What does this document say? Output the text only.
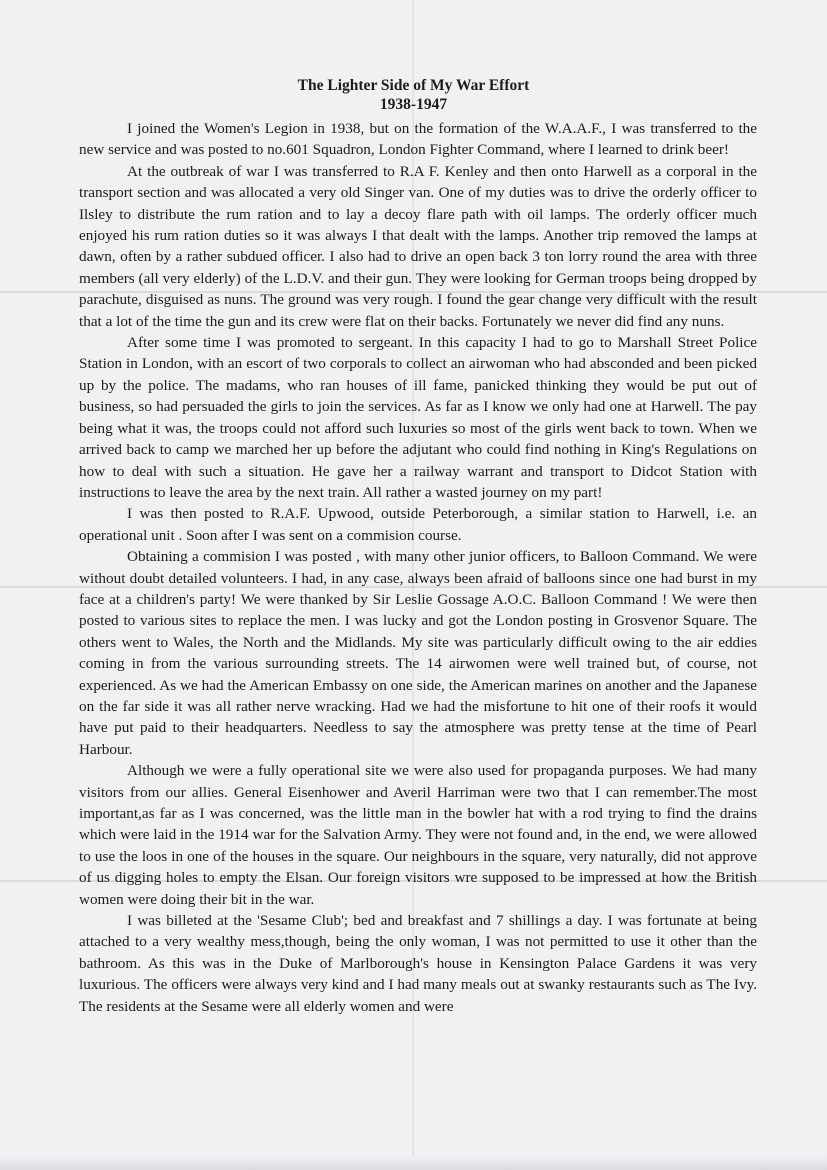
The Lighter Side of My War Effort

1938-1947

I joined the Women's Legion in 1938, but on the formation of the W.A.A.F., I was transferred to the new service and was posted to no.601 Squadron, London Fighter Command, where I learned to drink beer!

At the outbreak of war I was transferred to R.A F. Kenley and then onto Harwell as a corporal in the transport section and was allocated a very old Singer van. One of my duties was to drive the orderly officer to Ilsley to distribute the rum ration and to lay a decoy flare path with oil lamps. The orderly officer much enjoyed his rum ration duties so it was always I that dealt with the lamps. Another trip removed the lamps at dawn, often by a rather subdued officer. I also had to drive an open back 3 ton lorry round the area with three members (all very elderly) of the L.D.V. and their gun. They were looking for German troops being dropped by parachute, disguised as nuns. The ground was very rough. I found the gear change very difficult with the result that a lot of the time the gun and its crew were flat on their backs. Fortunately we never did find any nuns.

After some time I was promoted to sergeant. In this capacity I had to go to Marshall Street Police Station in London, with an escort of two corporals to collect an airwoman who had absconded and been picked up by the police. The madams, who ran houses of ill fame, panicked thinking they would be put out of business, so had persuaded the girls to join the services. As far as I know we only had one at Harwell. The pay being what it was, the troops could not afford such luxuries so most of the girls went back to town. When we arrived back to camp we marched her up before the adjutant who could find nothing in King's Regulations on how to deal with such a situation. He gave her a railway warrant and transport to Didcot Station with instructions to leave the area by the next train. All rather a wasted journey on my part!

I was then posted to R.A.F. Upwood, outside Peterborough, a similar station to Harwell, i.e. an operational unit . Soon after I was sent on a commision course.

Obtaining a commision I was posted , with many other junior officers, to Balloon Command. We were without doubt detailed volunteers. I had, in any case, always been afraid of balloons since one had burst in my face at a children's party! We were thanked by Sir Leslie Gossage A.O.C. Balloon Command ! We were then posted to various sites to replace the men. I was lucky and got the London posting in Grosvenor Square. The others went to Wales, the North and the Midlands. My site was particularly difficult owing to the air eddies coming in from the various surrounding streets. The 14 airwomen were well trained but, of course, not experienced. As we had the American Embassy on one side, the American marines on another and the Japanese on the far side it was all rather nerve wracking. Had we had the misfortune to hit one of their roofs it would have put paid to their headquarters. Needless to say the atmosphere was pretty tense at the time of Pearl Harbour.

Although we were a fully operational site we were also used for propaganda purposes. We had many visitors from our allies. General Eisenhower and Averil Harriman were two that I can remember.The most important,as far as I was concerned, was the little man in the bowler hat with a rod trying to find the drains which were laid in the 1914 war for the Salvation Army. They were not found and, in the end, we were allowed to use the loos in one of the houses in the square. Our neighbours in the square, very naturally, did not approve of us digging holes to empty the Elsan. Our foreign visitors wre supposed to be impressed at how the British women were doing their bit in the war.

I was billeted at the 'Sesame Club'; bed and breakfast and 7 shillings a day. I was fortunate at being attached to a very wealthy mess,though, being the only woman, I was not permitted to use it other than the bathroom. As this was in the Duke of Marlborough's house in Kensington Palace Gardens it was very luxurious. The officers were always very kind and I had many meals out at swanky restaurants such as The Ivy. The residents at the Sesame were all elderly women and were
